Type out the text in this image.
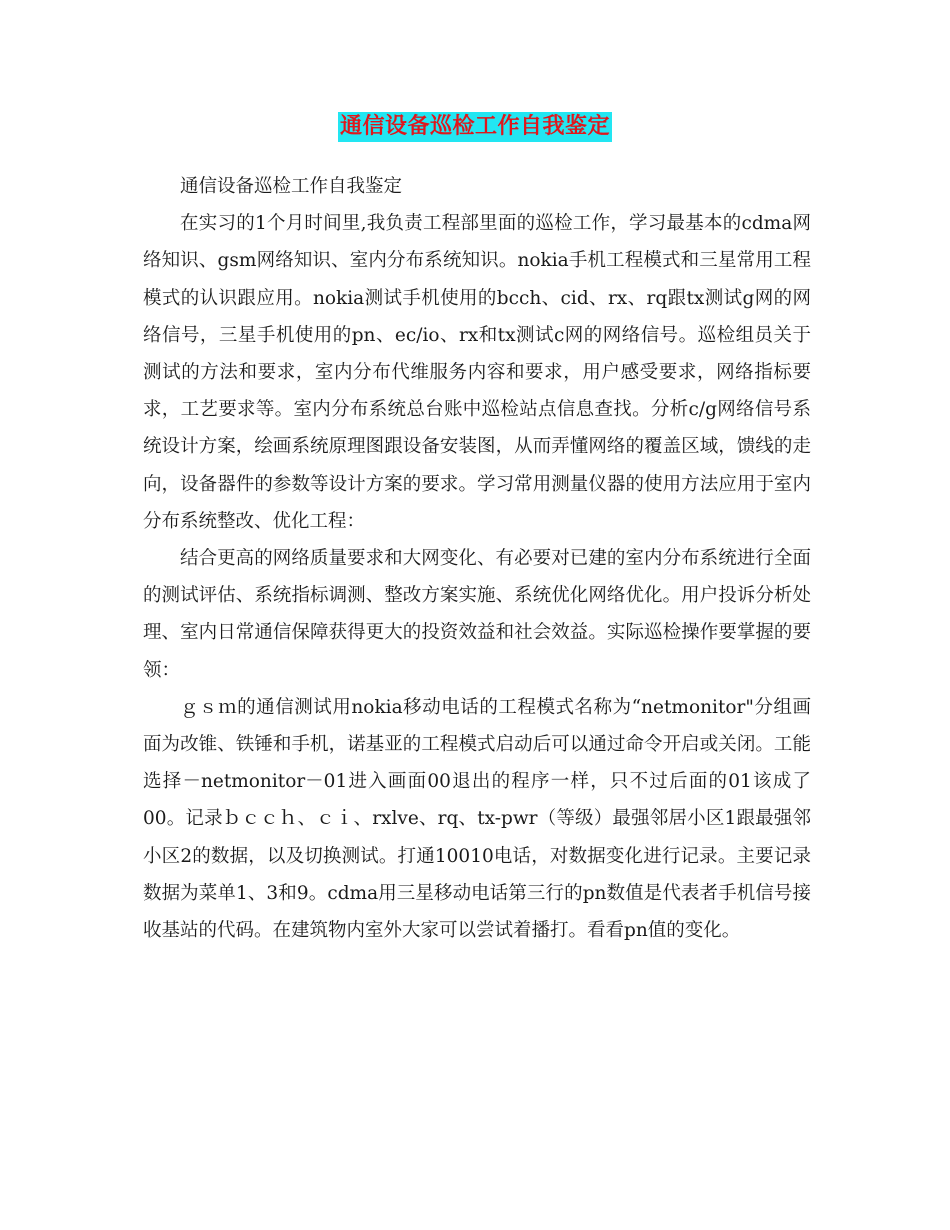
通信设备巡检工作自我鉴定

通信设备巡检工作自我鉴定

在实习的1个月时间里,我负责工程部里面的巡检工作，学习最基本的cdma网络知识、gsm网络知识、室内分布系统知识。nokia手机工程模式和三星常用工程模式的认识跟应用。nokia测试手机使用的bcch、cid、rx、rq跟tx测试g网的网络信号，三星手机使用的pn、ec/io、rx和tx测试c网的网络信号。巡检组员关于测试的方法和要求，室内分布代维服务内容和要求，用户感受要求，网络指标要求，工艺要求等。室内分布系统总台账中巡检站点信息查找。分析c/g网络信号系统设计方案，绘画系统原理图跟设备安装图，从而弄懂网络的覆盖区域，馈线的走向，设备器件的参数等设计方案的要求。学习常用测量仪器的使用方法应用于室内分布系统整改、优化工程：

结合更高的网络质量要求和大网变化、有必要对已建的室内分布系统进行全面的测试评估、系统指标调测、整改方案实施、系统优化网络优化。用户投诉分析处理、室内日常通信保障获得更大的投资效益和社会效益。实际巡检操作要掌握的要领：

ｇｓｍ的通信测试用nokia移动电话的工程模式名称为“netmonitor"分组画面为改锥、铁锤和手机，诺基亚的工程模式启动后可以通过命令开启或关闭。工能选择－netmonitor－01进入画面00退出的程序一样，只不过后面的01该成了00。记录ｂｃｃｈ、ｃｉ、rxlve、rq、tx-pwr（等级）最强邻居小区1跟最强邻小区2的数据，以及切换测试。打通10010电话，对数据变化进行记录。主要记录数据为菜单1、3和9。cdma用三星移动电话第三行的pn数值是代表者手机信号接收基站的代码。在建筑物内室外大家可以尝试着播打。看看pn值的变化。
